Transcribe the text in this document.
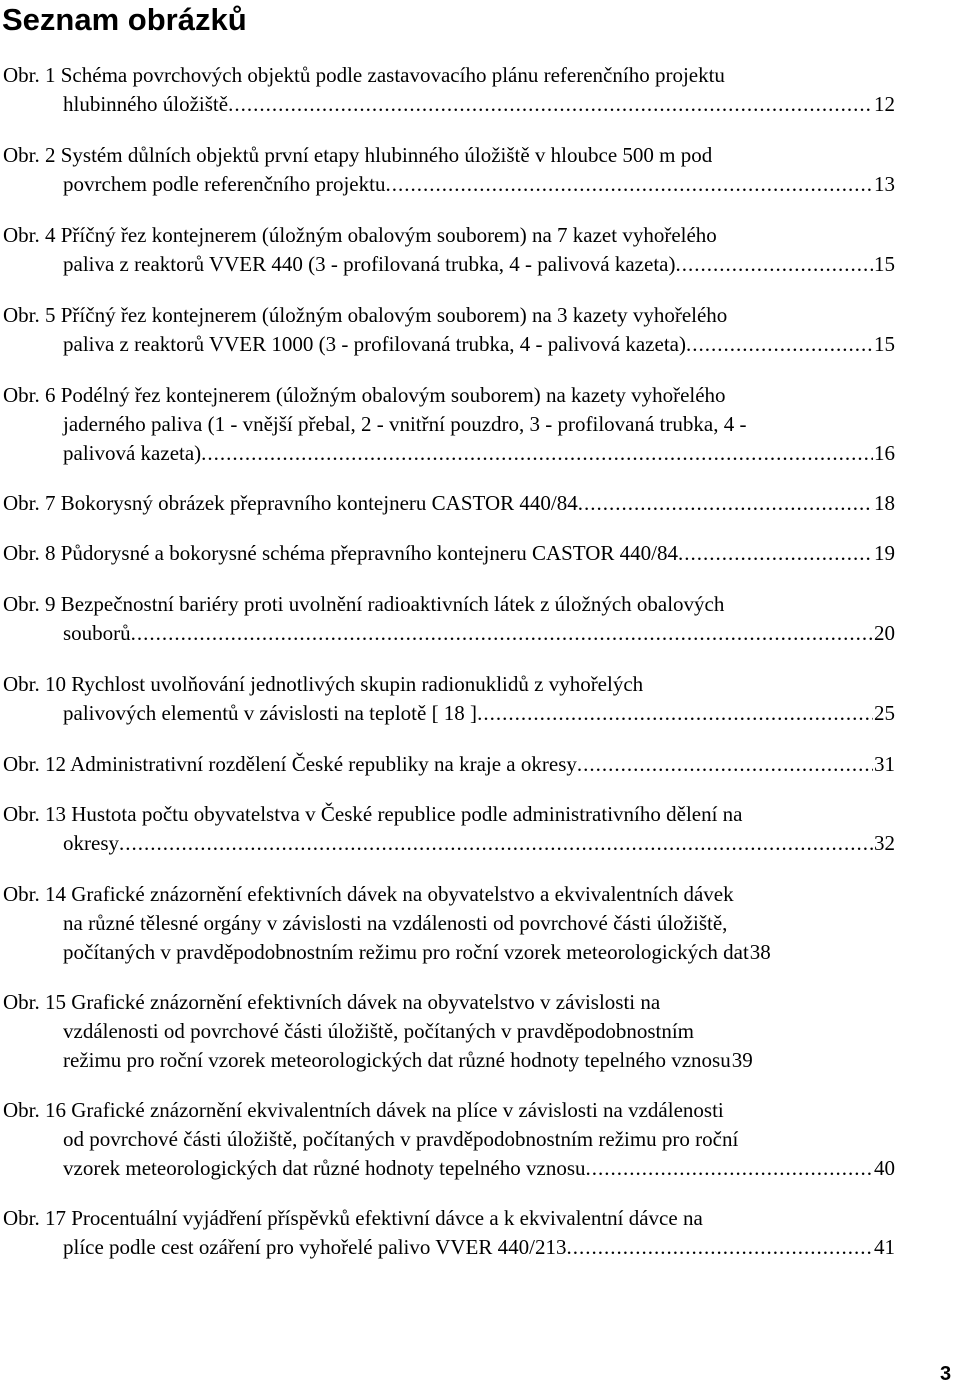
Seznam obrázků
Obr. 1 Schéma povrchových objektů podle zastavovacího plánu referenčního projektu
hlubinného úložiště .....	12
Obr. 2 Systém důlních objektů první etapy hlubinného úložiště v hloubce 500 m pod
povrchem podle referenčního projektu .....	13
Obr. 4 Příčný řez kontejnerem (úložným obalovým souborem) na 7 kazet vyhořelého
paliva z reaktorů VVER 440 (3 - profilovaná trubka, 4 - palivová kazeta) .....	15
Obr. 5 Příčný řez kontejnerem (úložným obalovým souborem) na 3 kazety vyhořelého
paliva z reaktorů VVER 1000 (3 - profilovaná trubka, 4 - palivová kazeta) .....	15
Obr. 6 Podélný řez kontejnerem (úložným obalovým souborem) na kazety vyhořelého
jaderného paliva (1 - vnější přebal, 2 - vnitřní pouzdro, 3 - profilovaná trubka, 4 -
palivová kazeta) .....	16
Obr. 7 Bokorysný obrázek přepravního kontejneru CASTOR 440/84 .....	18
Obr. 8 Půdorysné a bokorysné schéma přepravního kontejneru CASTOR 440/84 .....	19
Obr. 9 Bezpečnostní bariéry proti uvolnění radioaktivních látek z úložných obalových
souborů .....	20
Obr. 10 Rychlost uvolňování jednotlivých skupin radionuklidů z vyhořelých
palivových elementů v závislosti na teplotě [ 18 ] .....	25
Obr. 12 Administrativní rozdělení České republiky na kraje a okresy .....	31
Obr. 13 Hustota počtu obyvatelstva v České republice podle administrativního dělení na
okresy .....	32
Obr. 14 Grafické znázornění efektivních dávek na obyvatelstvo a ekvivalentních dávek
na různé tělesné orgány v závislosti na vzdálenosti od povrchové části úložiště,
počítaných v pravděpodobnostním režimu pro roční vzorek meteorologických dat 38
Obr. 15 Grafické znázornění efektivních dávek na obyvatelstvo v závislosti na
vzdálenosti od povrchové části úložiště, počítaných v pravděpodobnostním
režimu pro roční vzorek meteorologických dat různé hodnoty tepelného vznosu 39
Obr. 16 Grafické znázornění ekvivalentních dávek na plíce v závislosti na vzdálenosti
od povrchové části úložiště, počítaných v pravděpodobnostním režimu pro roční
vzorek meteorologických dat různé hodnoty tepelného vznosu .....	40
Obr. 17 Procentuální vyjádření příspěvků efektivní dávce a k ekvivalentní dávce na
plíce podle cest ozáření pro vyhořelé palivo VVER 440/213 .....	41
3
